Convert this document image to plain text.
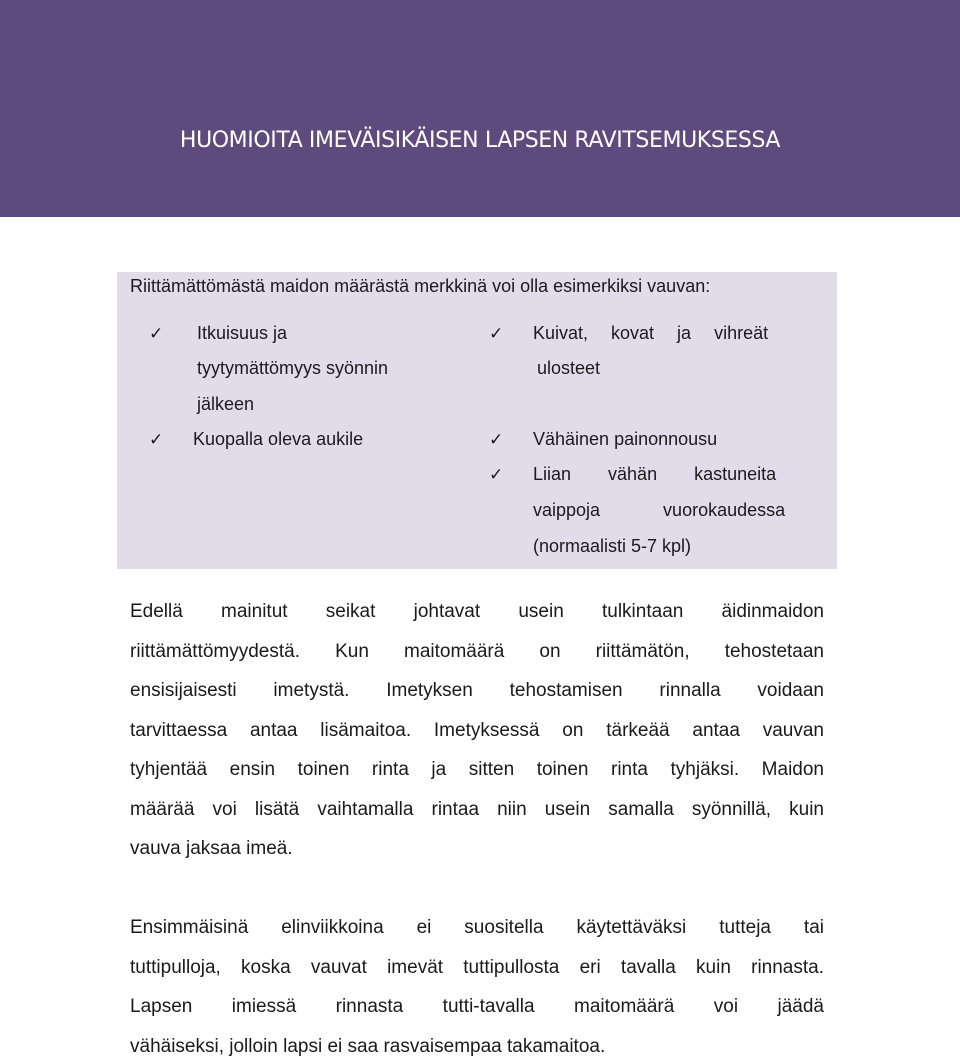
HUOMIOITA IMEVÄISIKÄISEN LAPSEN RAVITSEMUKSESSA
Riittämättömästä maidon määrästä merkkinä voi olla esimerkiksi vauvan:
✓ Itkuisuus ja
tyytymättömyys syönnin
jälkeen
✓ Kuopalla oleva aukile
✓ Kuivat, kovat ja vihreät
ulosteet
✓ Vähäinen painonnousu
✓ Liian vähän kastuneita
vaippoja vuorokaudessa
(normaalisti 5-7 kpl)
Edellä mainitut seikat johtavat usein tulkintaan äidinmaidon
riittämättömyydestä. Kun maitomäärä on riittämätön, tehostetaan
ensisijaisesti imetystä. Imetyksen tehostamisen rinnalla voidaan
tarvittaessa antaa lisämaitoa. Imetyksessä on tärkeää antaa vauvan
tyhjentää ensin toinen rinta ja sitten toinen rinta tyhjäksi. Maidon
määrää voi lisätä vaihtamalla rintaa niin usein samalla syönnillä, kuin
vauva jaksaa imeä.
Ensimmäisinä elinviikkoina ei suositella käytettäväksi tutteja tai
tuttipulloja, koska vauvat imevät tuttipullosta eri tavalla kuin rinnasta.
Lapsen imiessä rinnasta tutti-tavalla maitomäärä voi jäädä
vähäiseksi, jolloin lapsi ei saa rasvaisempaa takamaitoa.
